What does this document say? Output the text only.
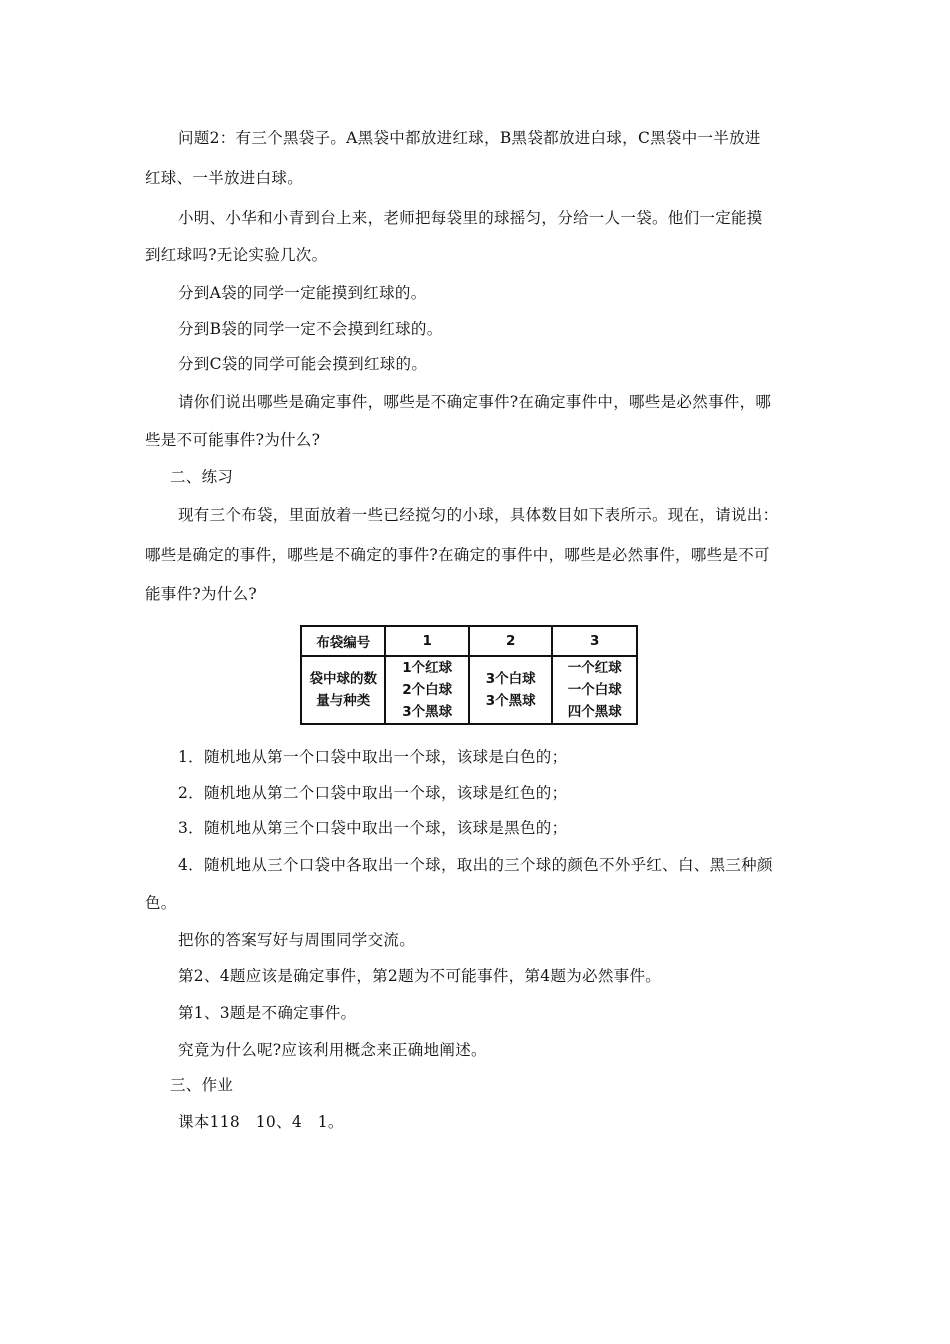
问题2：有三个黑袋子。A黑袋中都放进红球，B黑袋都放进白球，C黑袋中一半放进
红球、一半放进白球。
小明、小华和小青到台上来，老师把每袋里的球摇匀，分给一人一袋。他们一定能摸
到红球吗?无论实验几次。
分到A袋的同学一定能摸到红球的。
分到B袋的同学一定不会摸到红球的。
分到C袋的同学可能会摸到红球的。
请你们说出哪些是确定事件，哪些是不确定事件?在确定事件中，哪些是必然事件，哪
些是不可能事件?为什么?
二、练习
现有三个布袋，里面放着一些已经搅匀的小球，具体数目如下表所示。现在，请说出：
哪些是确定的事件，哪些是不确定的事件?在确定的事件中，哪些是必然事件，哪些是不可
能事件?为什么?
布袋编号	1	2	3

袋中球的数
量与种类	1个红球
2个白球
3个黑球	3个白球
3个黑球	一个红球
一个白球
四个黑球
1．随机地从第一个口袋中取出一个球，该球是白色的；
2．随机地从第二个口袋中取出一个球，该球是红色的；
3．随机地从第三个口袋中取出一个球，该球是黑色的；
4．随机地从三个口袋中各取出一个球，取出的三个球的颜色不外乎红、白、黑三种颜
色。
把你的答案写好与周围同学交流。
第2、4题应该是确定事件，第2题为不可能事件，第4题为必然事件。
第1、3题是不确定事件。
究竟为什么呢?应该利用概念来正确地阐述。
三、作业
课本118   10、4   1。
